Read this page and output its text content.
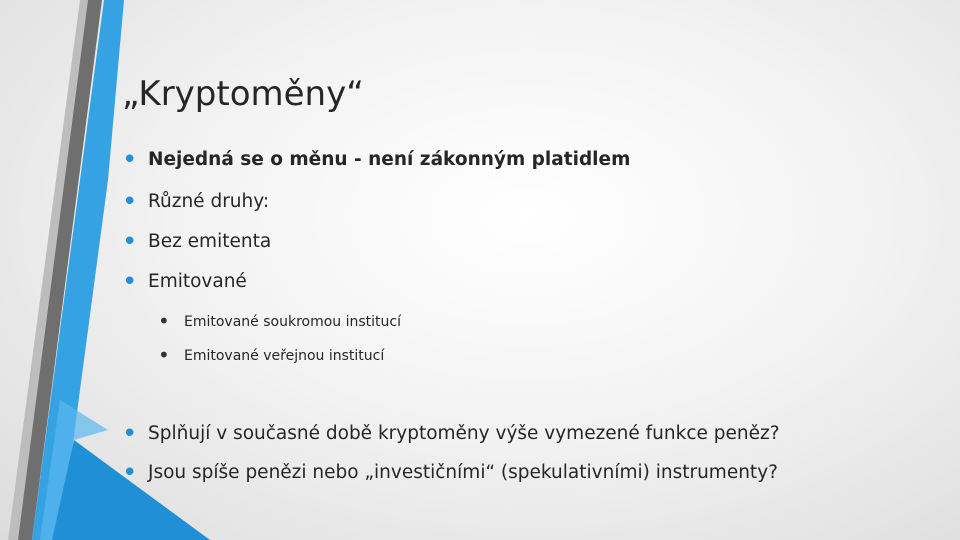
„Kryptoměny“
• Nejedná se o měnu - není zákonným platidlem
• Různé druhy:
• Bez emitenta
• Emitované
• Emitované soukromou institucí
• Emitované veřejnou institucí
• Splňují v současné době kryptoměny výše vymezené funkce peněz?
• Jsou spíše penězi nebo „investičními“ (spekulativními) instrumenty?
